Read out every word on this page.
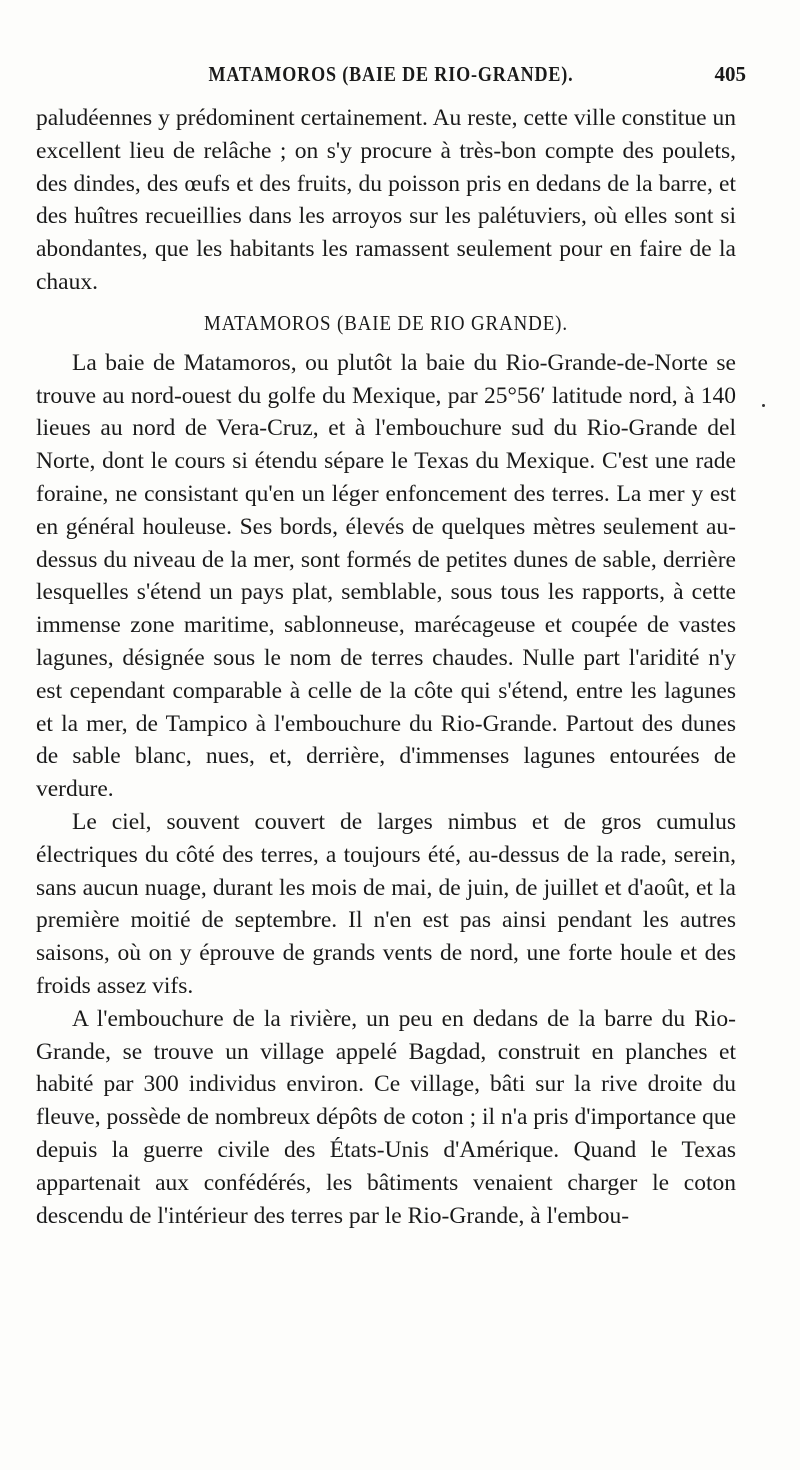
MATAMOROS (BAIE DE RIO-GRANDE).	405

paludéennes y prédominent certainement. Au reste, cette ville constitue un excellent lieu de relâche ; on s'y procure à très-bon compte des poulets, des dindes, des œufs et des fruits, du poisson pris en dedans de la barre, et des huîtres recueillies dans les arroyos sur les palétuviers, où elles sont si abondantes, que les habitants les ramassent seulement pour en faire de la chaux.

MATAMOROS (BAIE DE RIO GRANDE).

La baie de Matamoros, ou plutôt la baie du Rio-Grande-de-Norte se trouve au nord-ouest du golfe du Mexique, par 25°56′ latitude nord, à 140 lieues au nord de Vera-Cruz, et à l'embouchure sud du Rio-Grande del Norte, dont le cours si étendu sépare le Texas du Mexique. C'est une rade foraine, ne consistant qu'en un léger enfoncement des terres. La mer y est en général houleuse. Ses bords, élevés de quelques mètres seulement au-dessus du niveau de la mer, sont formés de petites dunes de sable, derrière lesquelles s'étend un pays plat, semblable, sous tous les rapports, à cette immense zone maritime, sablonneuse, marécageuse et coupée de vastes lagunes, désignée sous le nom de terres chaudes. Nulle part l'aridité n'y est cependant comparable à celle de la côte qui s'étend, entre les lagunes et la mer, de Tampico à l'embouchure du Rio-Grande. Partout des dunes de sable blanc, nues, et, derrière, d'immenses lagunes entourées de verdure.

Le ciel, souvent couvert de larges nimbus et de gros cumulus électriques du côté des terres, a toujours été, au-dessus de la rade, serein, sans aucun nuage, durant les mois de mai, de juin, de juillet et d'août, et la première moitié de septembre. Il n'en est pas ainsi pendant les autres saisons, où on y éprouve de grands vents de nord, une forte houle et des froids assez vifs.

A l'embouchure de la rivière, un peu en dedans de la barre du Rio-Grande, se trouve un village appelé Bagdad, construit en planches et habité par 300 individus environ. Ce village, bâti sur la rive droite du fleuve, possède de nombreux dépôts de coton ; il n'a pris d'importance que depuis la guerre civile des États-Unis d'Amérique. Quand le Texas appartenait aux confédérés, les bâtiments venaient charger le coton descendu de l'intérieur des terres par le Rio-Grande, à l'embou-
